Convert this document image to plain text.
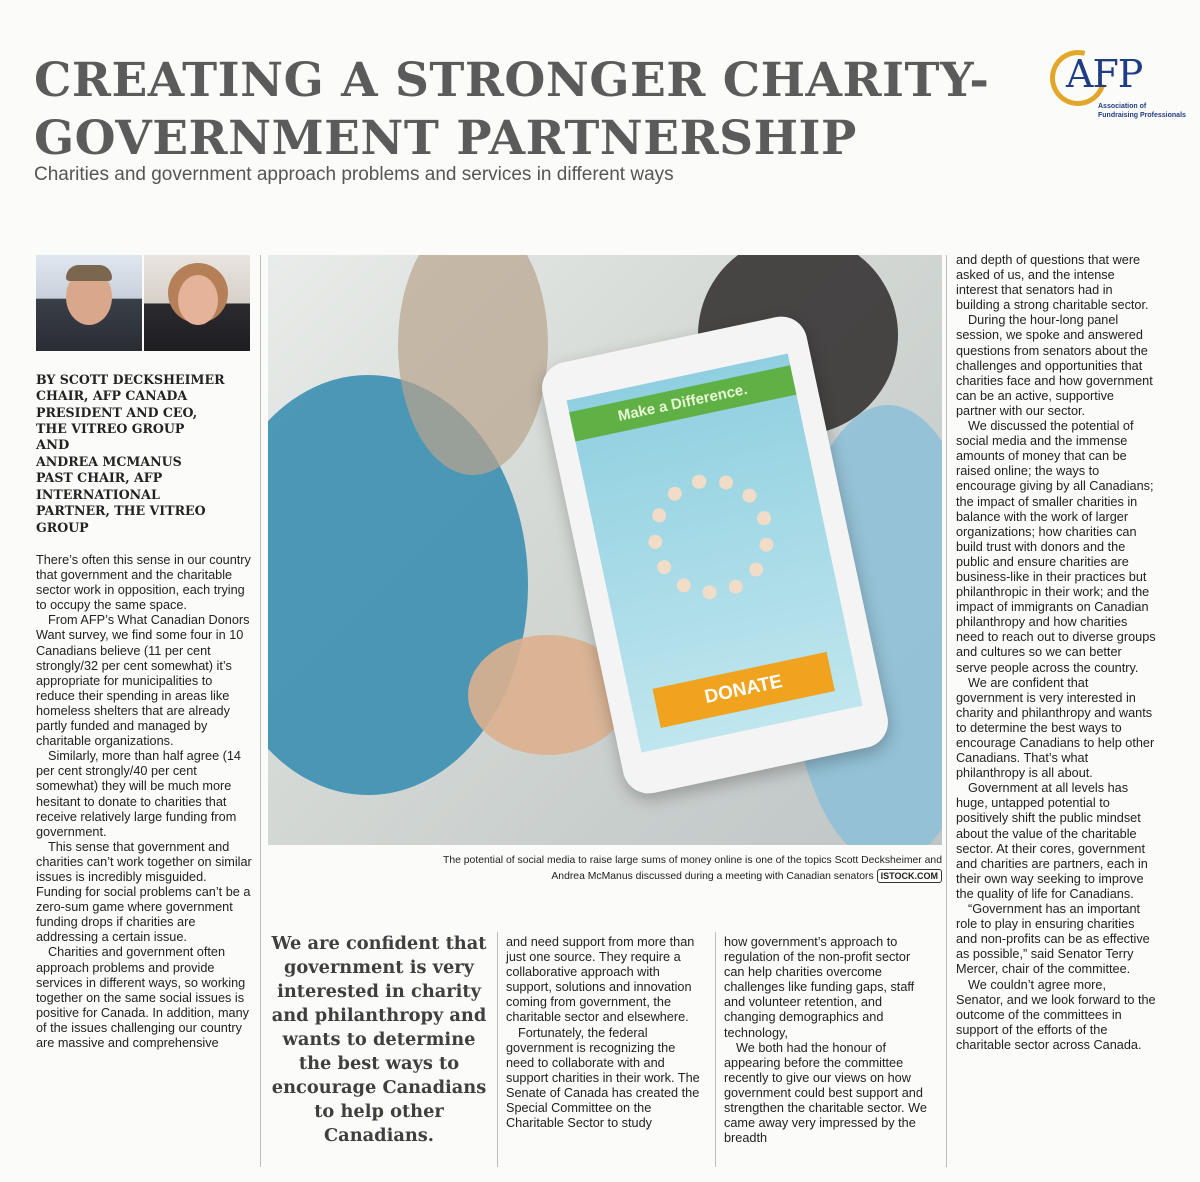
CREATING A STRONGER CHARITY-
GOVERNMENT PARTNERSHIP
Charities and government approach problems and services in different ways
AFP
Association of
Fundraising Professionals
BY SCOTT DECKSHEIMER
CHAIR, AFP CANADA
PRESIDENT AND CEO,
THE VITREO GROUP
AND
ANDREA MCMANUS
PAST CHAIR, AFP
INTERNATIONAL
PARTNER, THE VITREO
GROUP

There’s often this sense in our country that government and the charitable sector work in opposition, each trying to occupy the same space.

From AFP’s What Canadian Donors Want survey, we find some four in 10 Canadians believe (11 per cent strongly/32 per cent somewhat) it’s appropriate for municipalities to reduce their spending in areas like homeless shelters that are already partly funded and managed by charitable organizations.

Similarly, more than half agree (14 per cent strongly/40 per cent somewhat) they will be much more hesitant to donate to charities that receive relatively large funding from government.

This sense that government and charities can’t work together on similar issues is incredibly misguided. Funding for social problems can’t be a zero-sum game where government funding drops if charities are addressing a certain issue.

Charities and government often approach problems and provide services in different ways, so working together on the same social issues is positive for Canada. In addition, many of the issues challenging our country are massive and comprehensive

Make a Difference.
DONATE
The potential of social media to raise large sums of money online is one of the topics Scott Decksheimer and
Andrea McManus discussed during a meeting with Canadian senators ISTOCK.COM
We are confident that government is very interested in charity and philanthropy and wants to determine the best ways to encourage Canadians to help other Canadians.

and need support from more than just one source. They require a collaborative approach with support, solutions and innovation coming from government, the charitable sector and elsewhere.

Fortunately, the federal government is recognizing the need to collaborate with and support charities in their work. The Senate of Canada has created the Special Committee on the Charitable Sector to study

how government’s approach to regulation of the non-profit sector can help charities overcome challenges like funding gaps, staff and volunteer retention, and changing demographics and technology,

We both had the honour of appearing before the committee recently to give our views on how government could best support and strengthen the charitable sector. We came away very impressed by the breadth

and depth of questions that were asked of us, and the intense interest that senators had in building a strong charitable sector.

During the hour-long panel session, we spoke and answered questions from senators about the challenges and opportunities that charities face and how government can be an active, supportive partner with our sector.

We discussed the potential of social media and the immense amounts of money that can be raised online; the ways to encourage giving by all Canadians; the impact of smaller charities in balance with the work of larger organizations; how charities can build trust with donors and the public and ensure charities are business-like in their practices but philanthropic in their work; and the impact of immigrants on Canadian philanthropy and how charities need to reach out to diverse groups and cultures so we can better serve people across the country.

We are confident that government is very interested in charity and philanthropy and wants to determine the best ways to encourage Canadians to help other Canadians. That’s what philanthropy is all about.

Government at all levels has huge, untapped potential to positively shift the public mindset about the value of the charitable sector. At their cores, government and charities are partners, each in their own way seeking to improve the quality of life for Canadians.

“Government has an important role to play in ensuring charities and non-profits can be as effective as possible,” said Senator Terry Mercer, chair of the committee.

We couldn’t agree more, Senator, and we look forward to the outcome of the committees in support of the efforts of the charitable sector across Canada.
